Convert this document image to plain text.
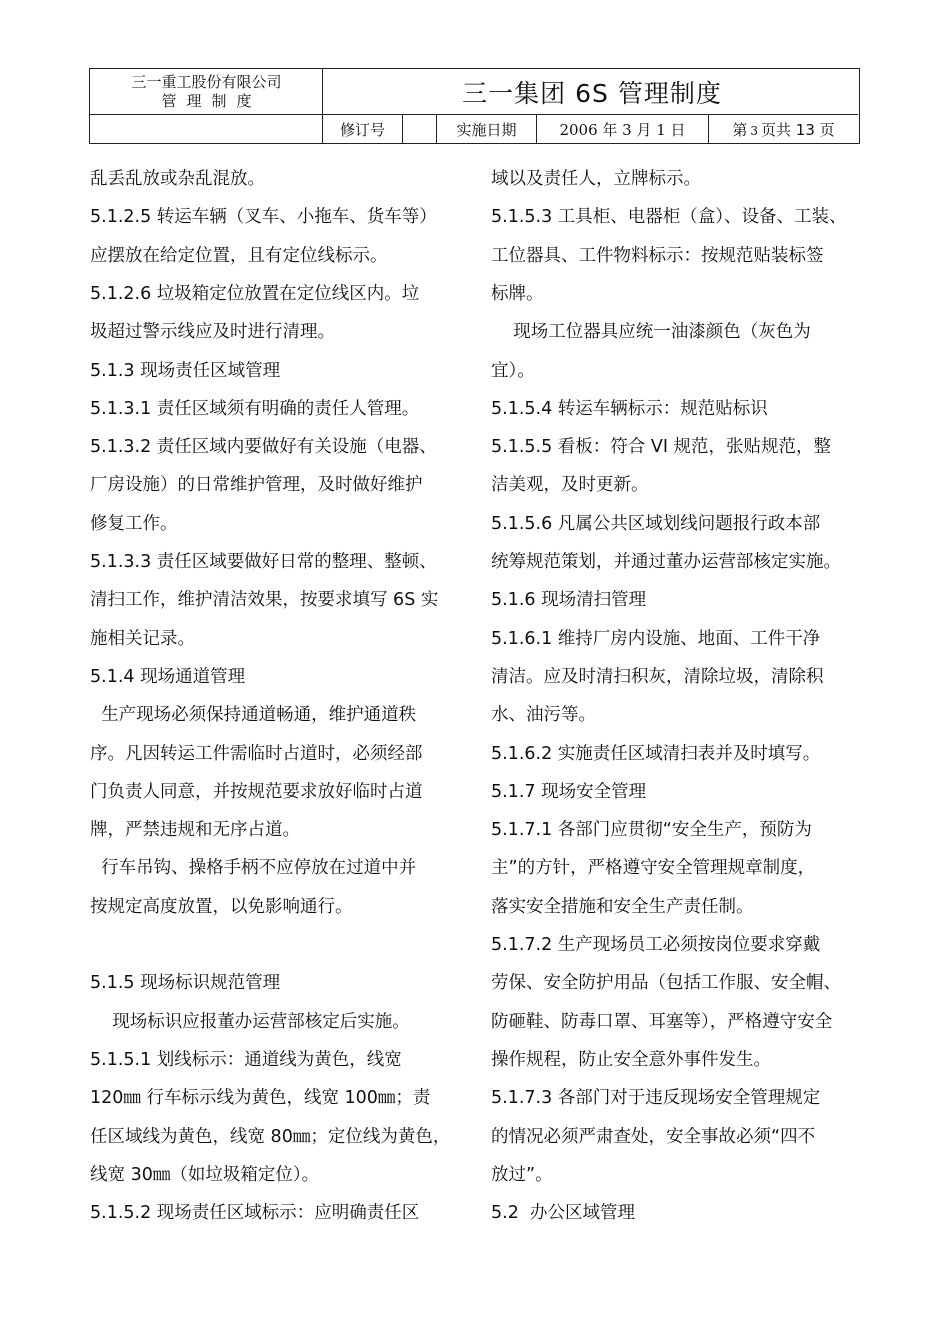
三一重工股份有限公司
管理制度	三一集团 6S 管理制度
修订号	实施日期	2006 年 3 月 1 日	第 3 页共 13 页
乱丢乱放或杂乱混放。
5.1.2.5 转运车辆（叉车、小拖车、货车等）
应摆放在给定位置，且有定位线标示。
5.1.2.6 垃圾箱定位放置在定位线区内。垃
圾超过警示线应及时进行清理。
5.1.3 现场责任区域管理
5.1.3.1 责任区域须有明确的责任人管理。
5.1.3.2 责任区域内要做好有关设施（电器、
厂房设施）的日常维护管理，及时做好维护
修复工作。
5.1.3.3 责任区域要做好日常的整理、整顿、
清扫工作，维护清洁效果，按要求填写 6S 实
施相关记录。
5.1.4 现场通道管理
生产现场必须保持通道畅通，维护通道秩
序。凡因转运工件需临时占道时，必须经部
门负责人同意，并按规范要求放好临时占道
牌，严禁违规和无序占道。
行车吊钩、操格手柄不应停放在过道中并
按规定高度放置，以免影响通行。
5.1.5 现场标识规范管理
现场标识应报董办运营部核定后实施。
5.1.5.1 划线标示：通道线为黄色，线宽
120㎜ 行车标示线为黄色，线宽 100㎜；责
任区域线为黄色，线宽 80㎜；定位线为黄色，
线宽 30㎜（如垃圾箱定位）。
5.1.5.2 现场责任区域标示：应明确责任区
域以及责任人，立牌标示。
5.1.5.3 工具柜、电器柜（盒）、设备、工装、
工位器具、工件物料标示：按规范贴装标签
标牌。
现场工位器具应统一油漆颜色（灰色为
宜）。
5.1.5.4 转运车辆标示：规范贴标识
5.1.5.5 看板：符合 VI 规范，张贴规范，整
洁美观，及时更新。
5.1.5.6 凡属公共区域划线问题报行政本部
统筹规范策划，并通过董办运营部核定实施。
5.1.6 现场清扫管理
5.1.6.1 维持厂房内设施、地面、工件干净
清洁。应及时清扫积灰，清除垃圾，清除积
水、油污等。
5.1.6.2 实施责任区域清扫表并及时填写。
5.1.7 现场安全管理
5.1.7.1 各部门应贯彻“安全生产，预防为
主”的方针，严格遵守安全管理规章制度，
落实安全措施和安全生产责任制。
5.1.7.2 生产现场员工必须按岗位要求穿戴
劳保、安全防护用品（包括工作服、安全帽、
防砸鞋、防毒口罩、耳塞等），严格遵守安全
操作规程，防止安全意外事件发生。
5.1.7.3 各部门对于违反现场安全管理规定
的情况必须严肃查处，安全事故必须“四不
放过”。
5.2  办公区域管理
